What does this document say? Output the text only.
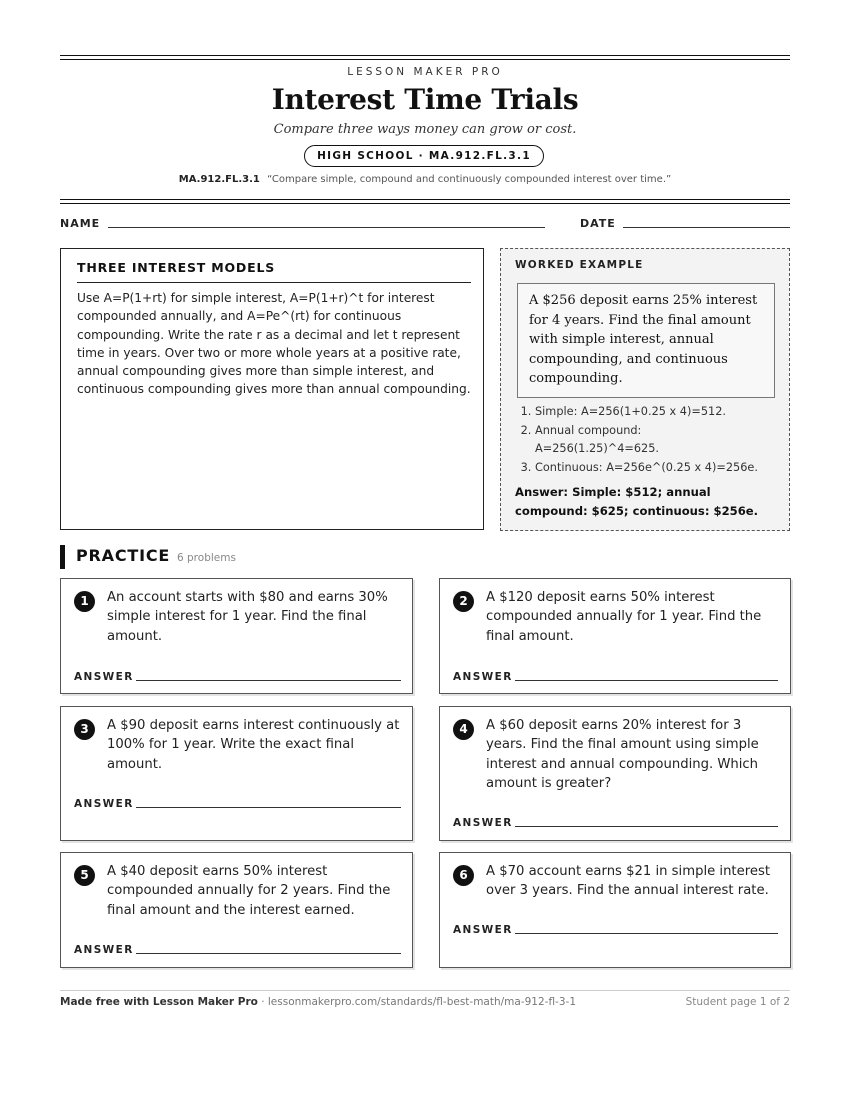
LESSON MAKER PRO
Interest Time Trials
Compare three ways money can grow or cost.
HIGH SCHOOL · MA.912.FL.3.1
MA.912.FL.3.1 “Compare simple, compound and continuously compounded interest over time.”
NAME	DATE
THREE INTEREST MODELS

Use A=P(1+rt) for simple interest, A=P(1+r)^t for interest compounded annually, and A=Pe^(rt) for continuous compounding. Write the rate r as a decimal and let t represent time in years. Over two or more whole years at a positive rate, annual compounding gives more than simple interest, and continuous compounding gives more than annual compounding.

WORKED EXAMPLE
A $256 deposit earns 25% interest for 4 years. Find the final amount with simple interest, annual compounding, and continuous compounding.
1. Simple: A=256(1+0.25 x 4)=512.
2. Annual compound: A=256(1.25)^4=625.
3. Continuous: A=256e^(0.25 x 4)=256e.
Answer: Simple: $512; annual compound: $625; continuous: $256e.
PRACTICE 6 problems
1	An account starts with $80 and earns 30% simple interest for 1 year. Find the final amount.
ANSWER
2	A $120 deposit earns 50% interest compounded annually for 1 year. Find the final amount.
ANSWER
3	A $90 deposit earns interest continuously at 100% for 1 year. Write the exact final amount.
ANSWER
4	A $60 deposit earns 20% interest for 3 years. Find the final amount using simple interest and annual compounding. Which amount is greater?
ANSWER
5	A $40 deposit earns 50% interest compounded annually for 2 years. Find the final amount and the interest earned.
ANSWER
6	A $70 account earns $21 in simple interest over 3 years. Find the annual interest rate.
ANSWER
Made free with Lesson Maker Pro · lessonmakerpro.com/standards/fl-best-math/ma-912-fl-3-1	Student page 1 of 2
